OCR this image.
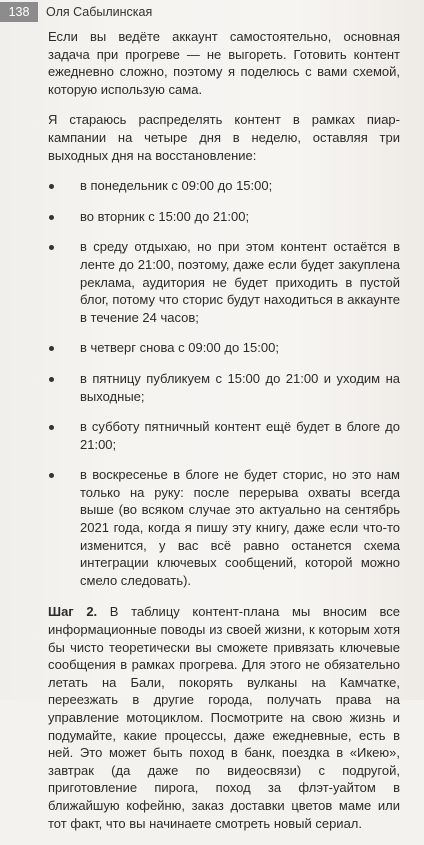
138	Оля Сабылинская

Если вы ведёте аккаунт самостоятельно, основная задача при прогреве — не выгореть. Готовить контент ежедневно сложно, поэтому я поделюсь с вами схемой, которую использую сама.

Я стараюсь распределять контент в рамках пиар-кампании на четыре дня в неделю, оставляя три выходных дня на восстановление:

в понедельник с 09:00 до 15:00;
во вторник с 15:00 до 21:00;
в среду отдыхаю, но при этом контент остаётся в ленте до 21:00, поэтому, даже если будет закуплена реклама, аудитория не будет приходить в пустой блог, потому что сторис будут находиться в аккаунте в течение 24 часов;
в четверг снова с 09:00 до 15:00;
в пятницу публикуем с 15:00 до 21:00 и уходим на выходные;
в субботу пятничный контент ещё будет в блоге до 21:00;
в воскресенье в блоге не будет сторис, но это нам только на руку: после перерыва охваты всегда выше (во всяком случае это актуально на сентябрь 2021 года, когда я пишу эту книгу, даже если что-то изменится, у вас всё равно останется схема интеграции ключевых сообщений, которой можно смело следовать).

Шаг 2. В таблицу контент-плана мы вносим все информационные поводы из своей жизни, к которым хотя бы чисто теоретически вы сможете привязать ключевые сообщения в рамках прогрева. Для этого не обязательно летать на Бали, покорять вулканы на Камчатке, переезжать в другие города, получать права на управление мотоциклом. Посмотрите на свою жизнь и подумайте, какие процессы, даже ежедневные, есть в ней. Это может быть поход в банк, поездка в «Икею», завтрак (да даже по видеосвязи) с подругой, приготовление пирога, поход за флэт-уайтом в ближайшую кофейню, заказ доставки цветов маме или тот факт, что вы начинаете смотреть новый сериал.
